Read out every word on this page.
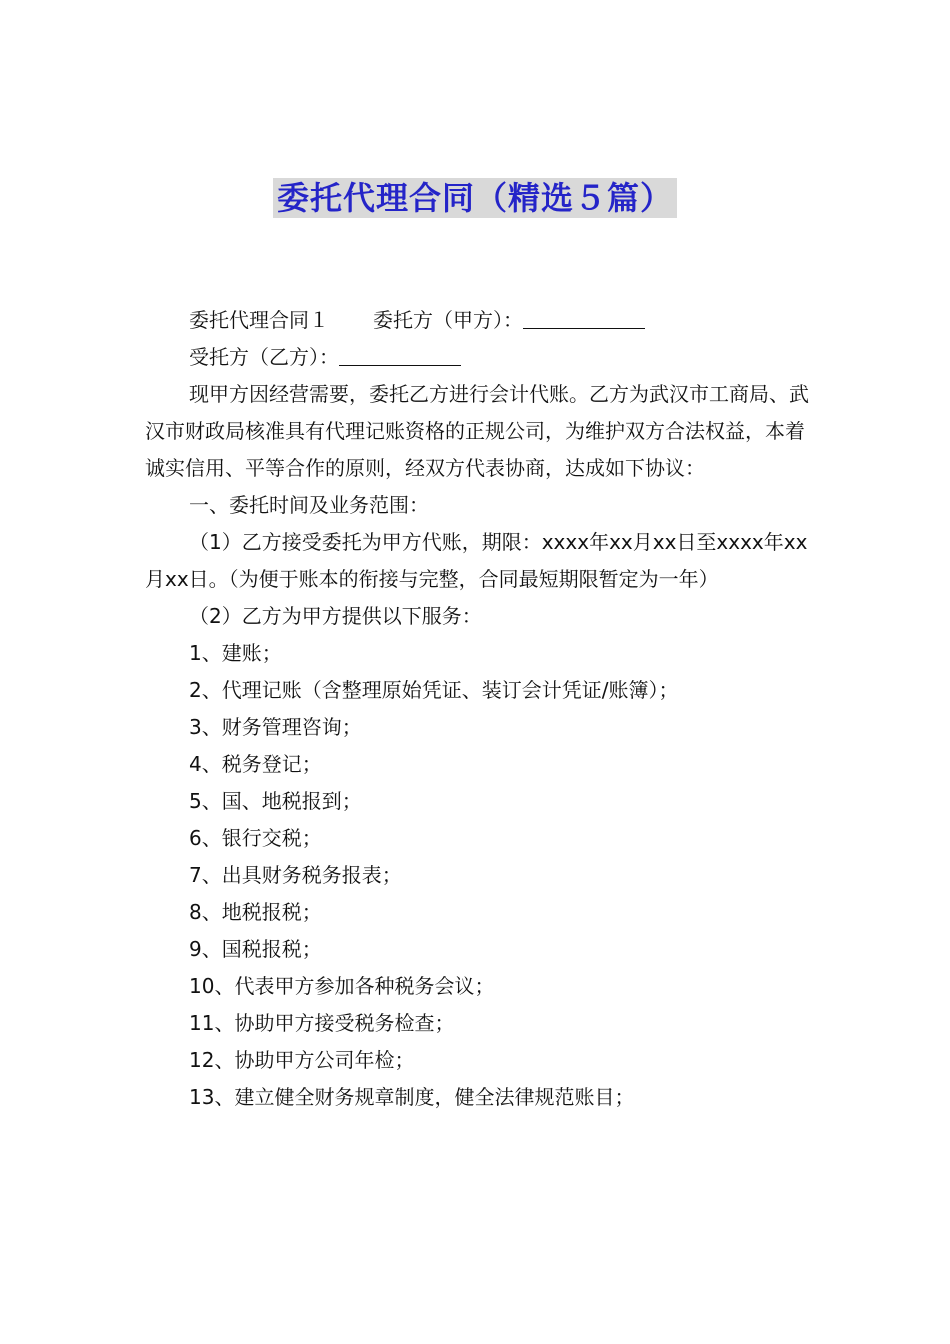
委托代理合同（精选５篇）

委托代理合同１ 委托方（甲方）：

受托方（乙方）：

现甲方因经营需要，委托乙方进行会计代账。乙方为武汉市工商局、武汉市财政局核准具有代理记账资格的正规公司，为维护双方合法权益，本着诚实信用、平等合作的原则，经双方代表协商，达成如下协议：

一、委托时间及业务范围：

（1）乙方接受委托为甲方代账，期限：xxxx年xx月xx日至xxxx年xx月xx日。（为便于账本的衔接与完整，合同最短期限暂定为一年）

（2）乙方为甲方提供以下服务：

1、建账；

2、代理记账（含整理原始凭证、装订会计凭证/账簿）；

3、财务管理咨询；

4、税务登记；

5、国、地税报到；

6、银行交税；

7、出具财务税务报表；

8、地税报税；

9、国税报税；

10、代表甲方参加各种税务会议；

11、协助甲方接受税务检查；

12、协助甲方公司年检；

13、建立健全财务规章制度，健全法律规范账目；
